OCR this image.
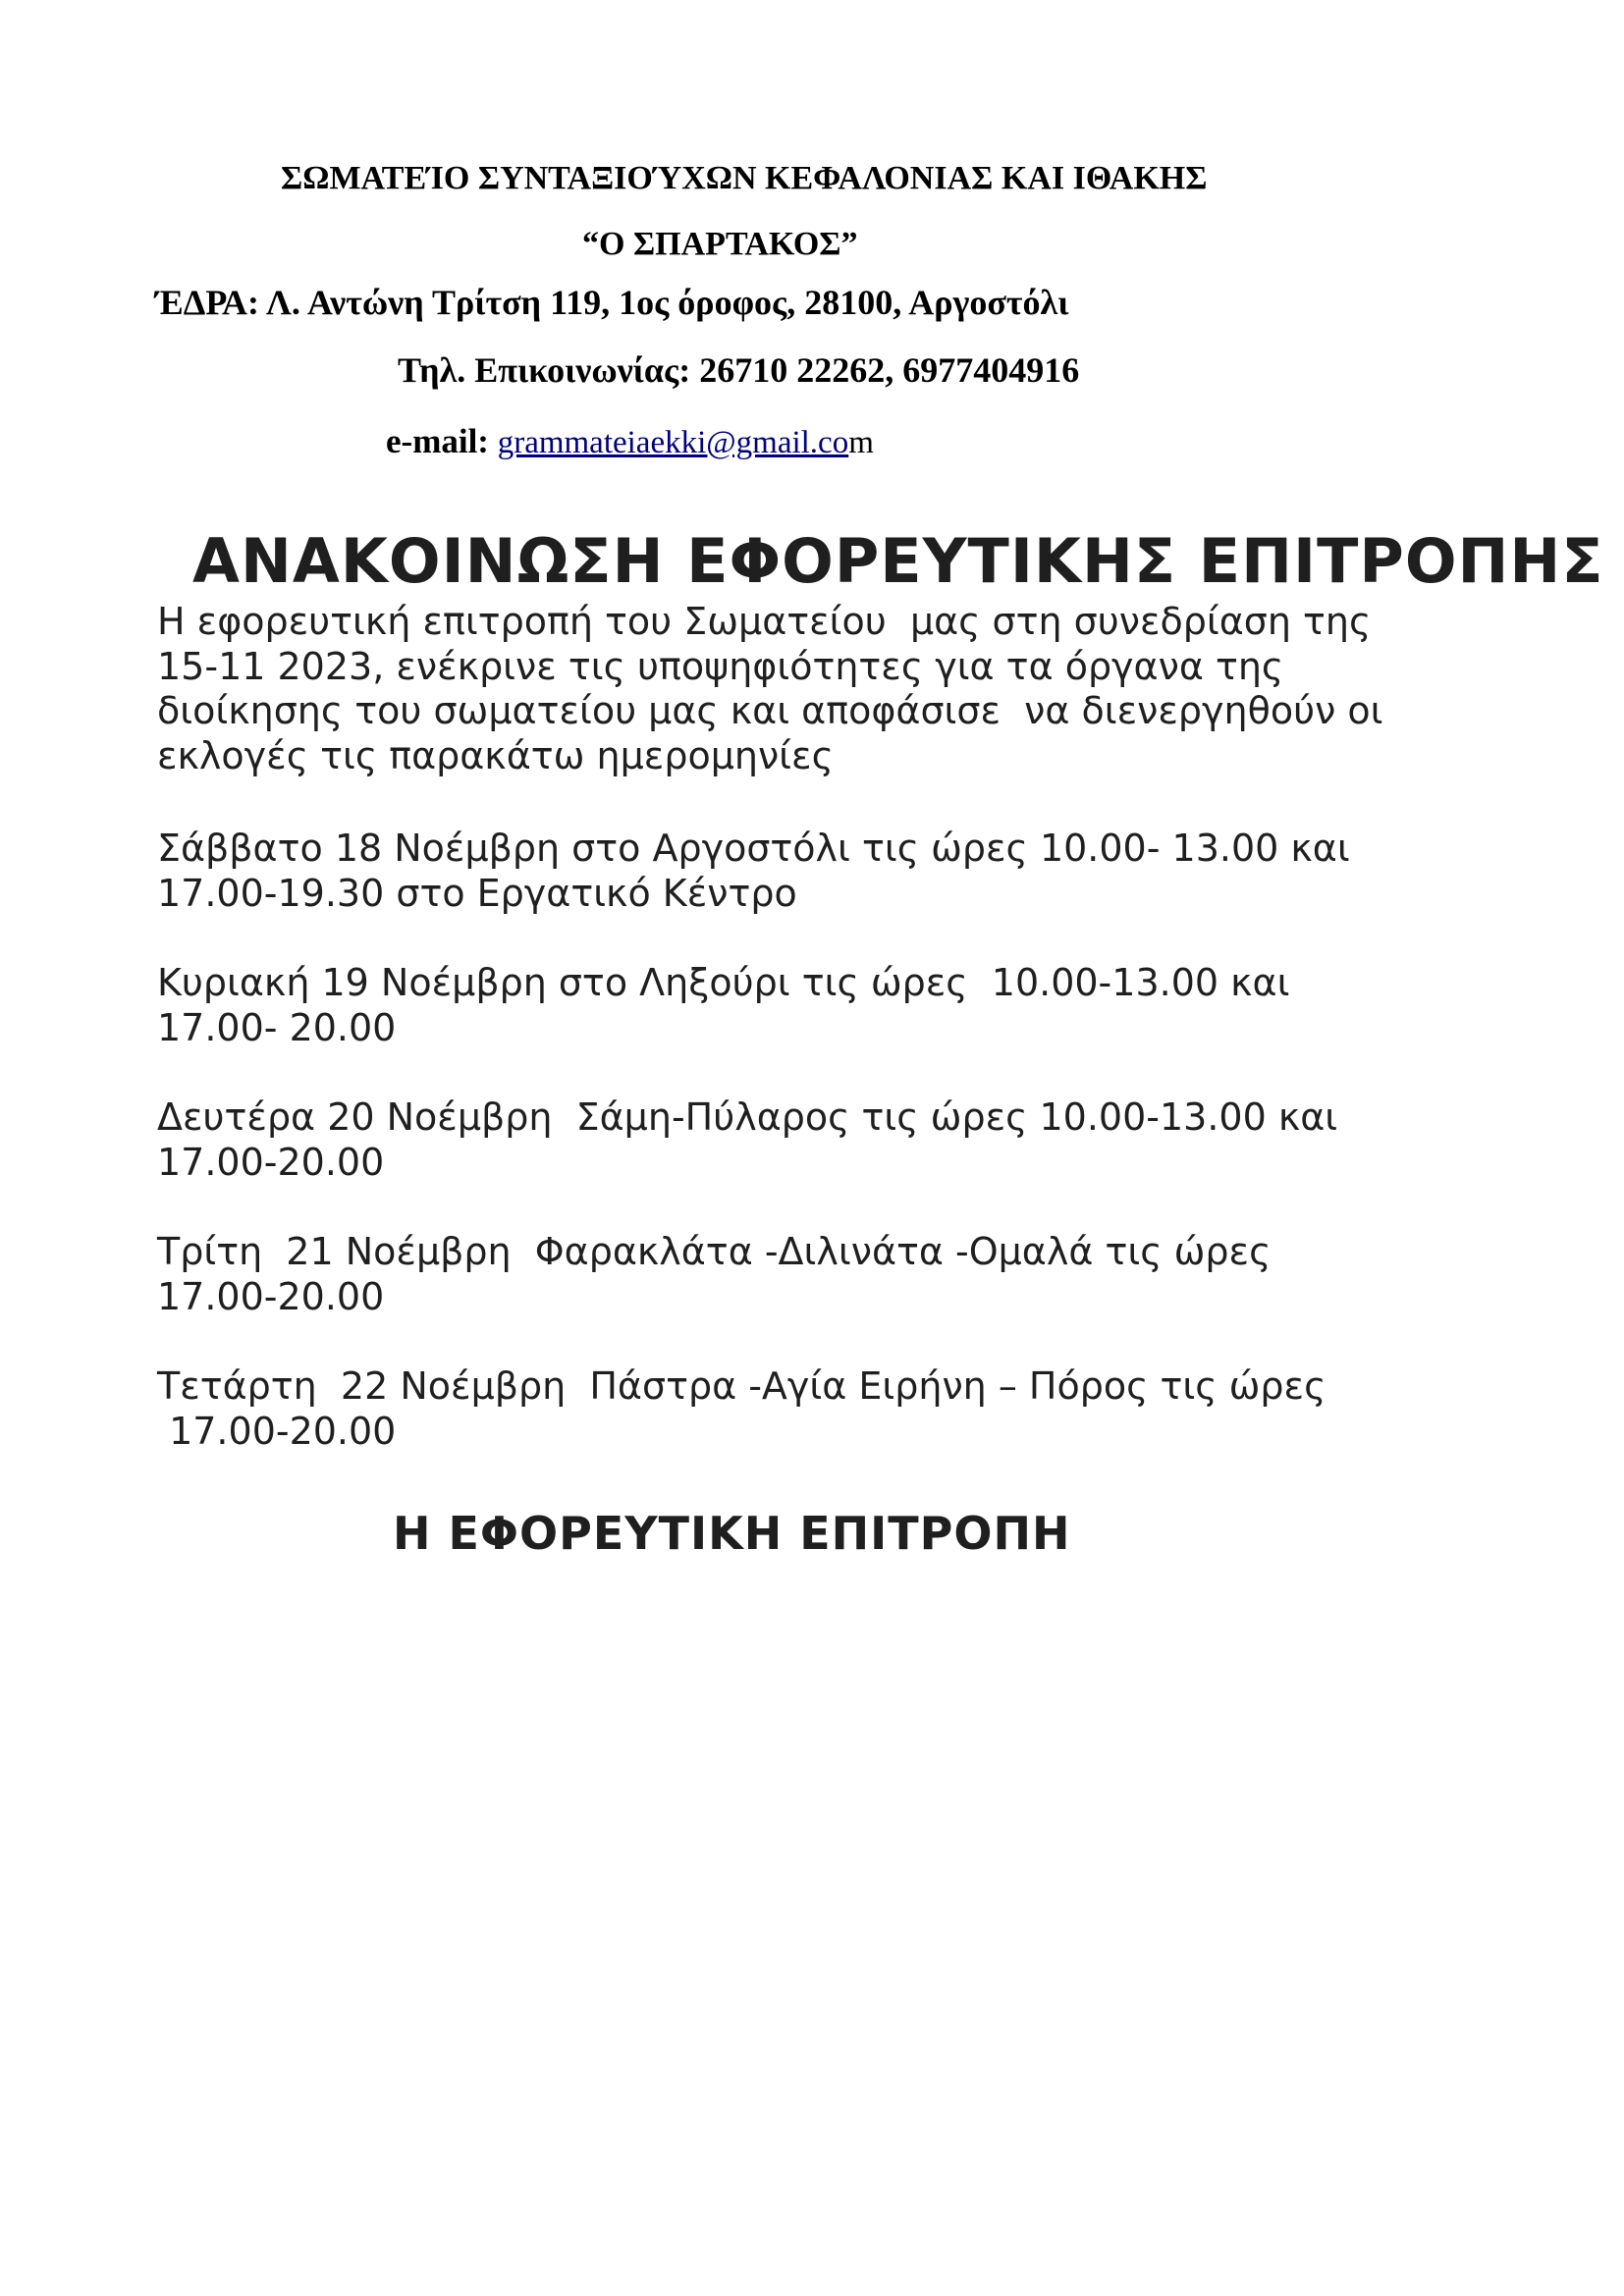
ΣΩΜΑΤΕΊΟ ΣΥΝΤΑΞΙΟΎΧΩΝ ΚΕΦΑΛΟΝΙΑΣ ΚΑΙ ΙΘΑΚΗΣ
“Ο ΣΠΑΡΤΑΚΟΣ”
ΈΔΡΑ: Λ. Αντώνη Τρίτση 119, 1ος όροφος, 28100, Αργοστόλι
Τηλ. Επικοινωνίας: 26710 22262, 6977404916
e-mail: grammateiaekki@gmail.com
ΑΝΑΚΟΙΝΩΣΗ ΕΦΟΡΕΥΤΙΚΗΣ ΕΠΙΤΡΟΠΗΣ
Η εφορευτική επιτροπή του Σωματείου  μας στη συνεδρίαση της
15-11 2023, ενέκρινε τις υποψηφιότητες για τα όργανα της
διοίκησης του σωματείου μας και αποφάσισε  να διενεργηθούν οι
εκλογές τις παρακάτω ημερομηνίες
Σάββατο 18 Νοέμβρη στο Αργοστόλι τις ώρες 10.00- 13.00 και
17.00-19.30 στο Εργατικό Κέντρο
Κυριακή 19 Νοέμβρη στο Ληξούρι τις ώρες  10.00-13.00 και
17.00- 20.00
Δευτέρα 20 Νοέμβρη  Σάμη-Πύλαρος τις ώρες 10.00-13.00 και
17.00-20.00
Τρίτη  21 Νοέμβρη  Φαρακλάτα -Διλινάτα -Ομαλά τις ώρες
17.00-20.00
Τετάρτη  22 Νοέμβρη  Πάστρα -Αγία Ειρήνη – Πόρος τις ώρες
17.00-20.00
Η ΕΦΟΡΕΥΤΙΚΗ ΕΠΙΤΡΟΠΗ
